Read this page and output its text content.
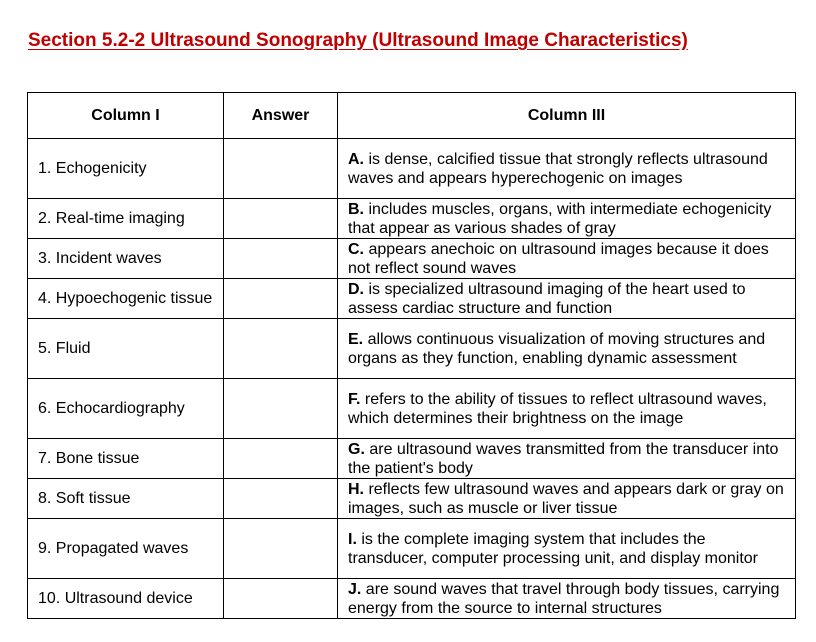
Section 5.2-2 Ultrasound Sonography (Ultrasound Image Characteristics)
Column I	Answer	Column III
1. Echogenicity		A. is dense, calcified tissue that strongly reflects ultrasound waves and appears hyperechogenic on images
2. Real-time imaging		B. includes muscles, organs, with intermediate echogenicity that appear as various shades of gray
3. Incident waves		C. appears anechoic on ultrasound images because it does not reflect sound waves
4. Hypoechogenic tissue		D. is specialized ultrasound imaging of the heart used to assess cardiac structure and function
5. Fluid		E. allows continuous visualization of moving structures and organs as they function, enabling dynamic assessment
6. Echocardiography		F. refers to the ability of tissues to reflect ultrasound waves, which determines their brightness on the image
7. Bone tissue		G. are ultrasound waves transmitted from the transducer into the patient's body
8. Soft tissue		H. reflects few ultrasound waves and appears dark or gray on images, such as muscle or liver tissue
9. Propagated waves		I. is the complete imaging system that includes the transducer, computer processing unit, and display monitor
10. Ultrasound device		J. are sound waves that travel through body tissues, carrying energy from the source to internal structures
